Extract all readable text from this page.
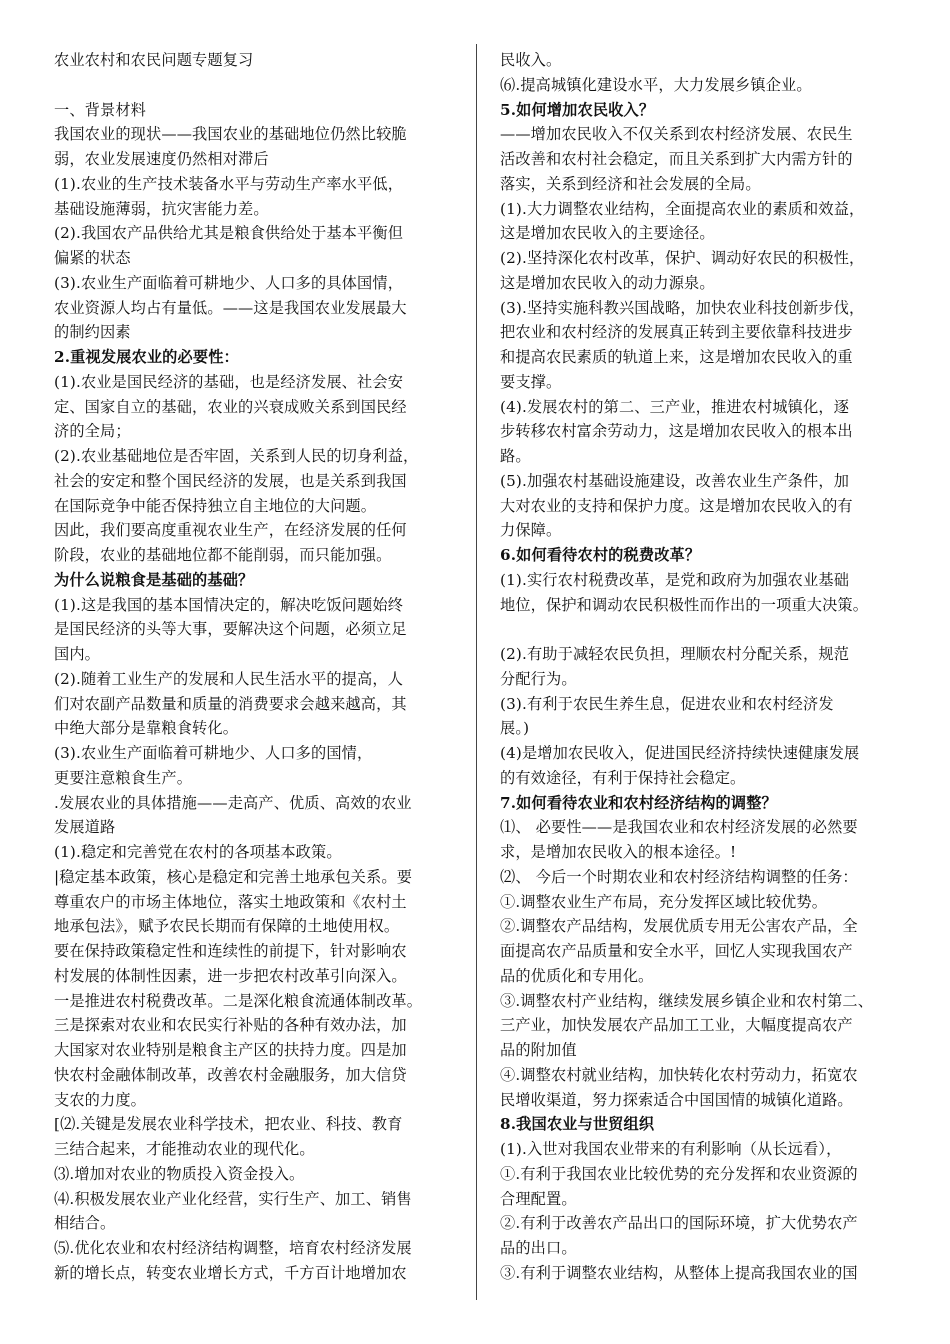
农业农村和农民问题专题复习
一、背景材料
我国农业的现状——我国农业的基础地位仍然比较脆
弱，农业发展速度仍然相对滞后
(1).农业的生产技术装备水平与劳动生产率水平低，
基础设施薄弱，抗灾害能力差。
(2).我国农产品供给尤其是粮食供给处于基本平衡但
偏紧的状态
(3).农业生产面临着可耕地少、人口多的具体国情，
农业资源人均占有量低。——这是我国农业发展最大
的制约因素
2.重视发展农业的必要性：
(1).农业是国民经济的基础，也是经济发展、社会安
定、国家自立的基础，农业的兴衰成败关系到国民经
济的全局；
(2).农业基础地位是否牢固，关系到人民的切身利益，
社会的安定和整个国民经济的发展，也是关系到我国
在国际竞争中能否保持独立自主地位的大问题。
因此，我们要高度重视农业生产，在经济发展的任何
阶段，农业的基础地位都不能削弱，而只能加强。
为什么说粮食是基础的基础？
(1).这是我国的基本国情决定的，解决吃饭问题始终
是国民经济的头等大事，要解决这个问题，必须立足
国内。
(2).随着工业生产的发展和人民生活水平的提高，人
们对农副产品数量和质量的消费要求会越来越高，其
中绝大部分是靠粮食转化。
(3).农业生产面临着可耕地少、人口多的国情，
更要注意粮食生产。
.发展农业的具体措施——走高产、优质、高效的农业
发展道路
(1).稳定和完善党在农村的各项基本政策。
|稳定基本政策，核心是稳定和完善土地承包关系。要
尊重农户的市场主体地位，落实土地政策和《农村土
地承包法》，赋予农民长期而有保障的土地使用权。
要在保持政策稳定性和连续性的前提下，针对影响农
村发展的体制性因素，进一步把农村改革引向深入。
一是推进农村税费改革。二是深化粮食流通体制改革。
三是探索对农业和农民实行补贴的各种有效办法，加
大国家对农业特别是粮食主产区的扶持力度。四是加
快农村金融体制改革，改善农村金融服务，加大信贷
支农的力度。
[⑵.关键是发展农业科学技术，把农业、科技、教育
三结合起来，才能推动农业的现代化。
⑶.增加对农业的物质投入资金投入。
⑷.积极发展农业产业化经营，实行生产、加工、销售
相结合。
⑸.优化农业和农村经济结构调整，培育农村经济发展
新的增长点，转变农业增长方式，千方百计地增加农
民收入。
⑹.提高城镇化建设水平，大力发展乡镇企业。
5.如何增加农民收入？
——增加农民收入不仅关系到农村经济发展、农民生
活改善和农村社会稳定，而且关系到扩大内需方针的
落实，关系到经济和社会发展的全局。
(1).大力调整农业结构，全面提高农业的素质和效益，
这是增加农民收入的主要途径。
(2).坚持深化农村改革，保护、调动好农民的积极性，
这是增加农民收入的动力源泉。
(3).坚持实施科教兴国战略，加快农业科技创新步伐，
把农业和农村经济的发展真正转到主要依靠科技进步
和提高农民素质的轨道上来，这是增加农民收入的重
要支撑。
(4).发展农村的第二、三产业，推进农村城镇化，逐
步转移农村富余劳动力，这是增加农民收入的根本出
路。
(5).加强农村基础设施建设，改善农业生产条件，加
大对农业的支持和保护力度。这是增加农民收入的有
力保障。
6.如何看待农村的税费改革？
(1).实行农村税费改革，是党和政府为加强农业基础
地位，保护和调动农民积极性而作出的一项重大决策。
(2).有助于减轻农民负担，理顺农村分配关系，规范
分配行为。
(3).有利于农民生养生息，促进农业和农村经济发
展。)
(4)是增加农民收入，促进国民经济持续快速健康发展
的有效途径，有利于保持社会稳定。
7.如何看待农业和农村经济结构的调整？
⑴、 必要性——是我国农业和农村经济发展的必然要
求，是增加农民收入的根本途径。!
⑵、 今后一个时期农业和农村经济结构调整的任务：
①.调整农业生产布局，充分发挥区域比较优势。
②.调整农产品结构，发展优质专用无公害农产品，全
面提高农产品质量和安全水平，回忆人实现我国农产
品的优质化和专用化。
③.调整农村产业结构，继续发展乡镇企业和农村第二、
三产业，加快发展农产品加工工业，大幅度提高农产
品的附加值
④.调整农村就业结构，加快转化农村劳动力，拓宽农
民增收渠道，努力探索适合中国国情的城镇化道路。
8.我国农业与世贸组织
(1).入世对我国农业带来的有利影响（从长远看），
①.有利于我国农业比较优势的充分发挥和农业资源的
合理配置。
②.有利于改善农产品出口的国际环境，扩大优势农产
品的出口。
③.有利于调整农业结构，从整体上提高我国农业的国
